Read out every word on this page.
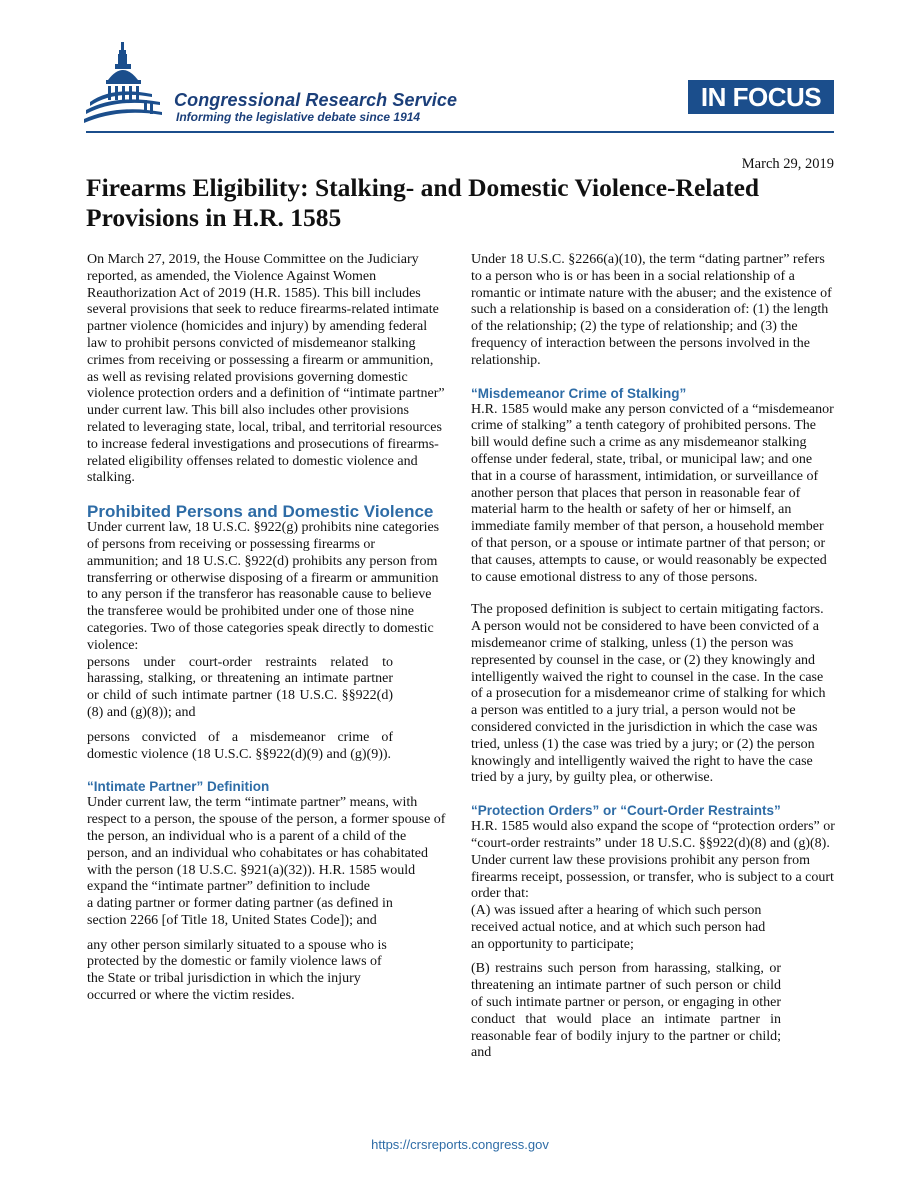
Congressional Research Service
Informing the legislative debate since 1914
IN FOCUS
March 29, 2019
Firearms Eligibility: Stalking- and Domestic Violence-Related Provisions in H.R. 1585

On March 27, 2019, the House Committee on the Judiciary reported, as amended, the Violence Against Women Reauthorization Act of 2019 (H.R. 1585). This bill includes several provisions that seek to reduce firearms-related intimate partner violence (homicides and injury) by amending federal law to prohibit persons convicted of misdemeanor stalking crimes from receiving or possessing a firearm or ammunition, as well as revising related provisions governing domestic violence protection orders and a definition of “intimate partner” under current law. This bill also includes other provisions related to leveraging state, local, tribal, and territorial resources to increase federal investigations and prosecutions of firearms-related eligibility offenses related to domestic violence and stalking.

Prohibited Persons and Domestic Violence

Under current law, 18 U.S.C. §922(g) prohibits nine categories of persons from receiving or possessing firearms or ammunition; and 18 U.S.C. §922(d) prohibits any person from transferring or otherwise disposing of a firearm or ammunition to any person if the transferor has reasonable cause to believe the transferee would be prohibited under one of those nine categories. Two of those categories speak directly to domestic violence:

persons under court-order restraints related to harassing, stalking, or threatening an intimate partner or child of such intimate partner (18 U.S.C. §§922(d)(8) and (g)(8)); and

persons convicted of a misdemeanor crime of domestic violence (18 U.S.C. §§922(d)(9) and (g)(9)).

“Intimate Partner” Definition

Under current law, the term “intimate partner” means, with respect to a person, the spouse of the person, a former spouse of the person, an individual who is a parent of a child of the person, and an individual who cohabitates or has cohabitated with the person (18 U.S.C. §921(a)(32)). H.R. 1585 would expand the “intimate partner” definition to include

a dating partner or former dating partner (as defined in section 2266 [of Title 18, United States Code]); and

any other person similarly situated to a spouse who is protected by the domestic or family violence laws of the State or tribal jurisdiction in which the injury occurred or where the victim resides.

Under 18 U.S.C. §2266(a)(10), the term “dating partner” refers to a person who is or has been in a social relationship of a romantic or intimate nature with the abuser; and the existence of such a relationship is based on a consideration of: (1) the length of the relationship; (2) the type of relationship; and (3) the frequency of interaction between the persons involved in the relationship.

“Misdemeanor Crime of Stalking”

H.R. 1585 would make any person convicted of a “misdemeanor crime of stalking” a tenth category of prohibited persons. The bill would define such a crime as any misdemeanor stalking offense under federal, state, tribal, or municipal law; and one that in a course of harassment, intimidation, or surveillance of another person that places that person in reasonable fear of material harm to the health or safety of her or himself, an immediate family member of that person, a household member of that person, or a spouse or intimate partner of that person; or that causes, attempts to cause, or would reasonably be expected to cause emotional distress to any of those persons.

The proposed definition is subject to certain mitigating factors. A person would not be considered to have been convicted of a misdemeanor crime of stalking, unless (1) the person was represented by counsel in the case, or (2) they knowingly and intelligently waived the right to counsel in the case. In the case of a prosecution for a misdemeanor crime of stalking for which a person was entitled to a jury trial, a person would not be considered convicted in the jurisdiction in which the case was tried, unless (1) the case was tried by a jury; or (2) the person knowingly and intelligently waived the right to have the case tried by a jury, by guilty plea, or otherwise.

“Protection Orders” or “Court-Order Restraints”

H.R. 1585 would also expand the scope of “protection orders” or “court-order restraints” under 18 U.S.C. §§922(d)(8) and (g)(8). Under current law these provisions prohibit any person from firearms receipt, possession, or transfer, who is subject to a court order that:

(A) was issued after a hearing of which such person received actual notice, and at which such person had an opportunity to participate;

(B) restrains such person from harassing, stalking, or threatening an intimate partner of such person or child of such intimate partner or person, or engaging in other conduct that would place an intimate partner in reasonable fear of bodily injury to the partner or child; and

https://crsreports.congress.gov
